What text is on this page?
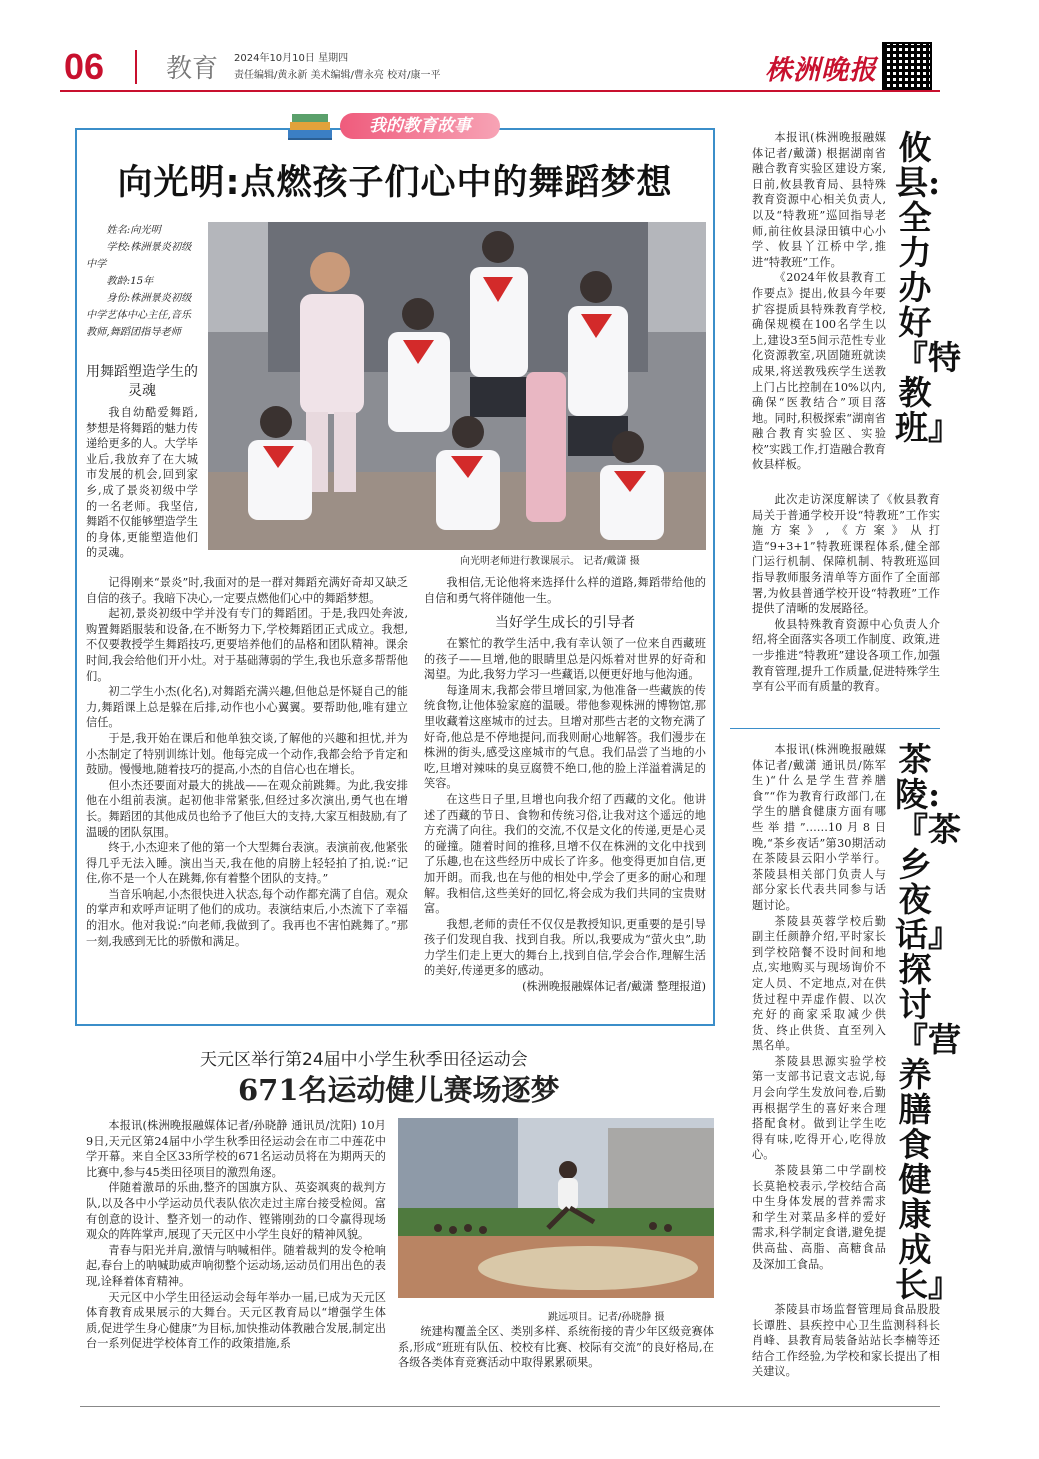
06 教育 2024年10月10日 星期四
责任编辑/黄永新 美术编辑/曹永亮 校对/康一平	株洲晚报
我的教育故事
向光明:点燃孩子们心中的舞蹈梦想

姓名:向光明

学校:株洲景炎初级中学

教龄:15年

身份:株洲景炎初级中学艺体中心主任,音乐教师,舞蹈团指导老师

用舞蹈塑造学生的灵魂
我自幼酷爱舞蹈,梦想是将舞蹈的魅力传递给更多的人。大学毕业后,我放弃了在大城市发展的机会,回到家乡,成了景炎初级中学的一名老师。我坚信,舞蹈不仅能够塑造学生的身体,更能塑造他们的灵魂。
向光明老师进行教课展示。 记者/戴潇 摄

记得刚来“景炎”时,我面对的是一群对舞蹈充满好奇却又缺乏自信的孩子。我暗下决心,一定要点燃他们心中的舞蹈梦想。

起初,景炎初级中学并没有专门的舞蹈团。于是,我四处奔波,购置舞蹈服装和设备,在不断努力下,学校舞蹈团正式成立。我想,不仅要教授学生舞蹈技巧,更要培养他们的品格和团队精神。课余时间,我会给他们开小灶。对于基础薄弱的学生,我也乐意多帮帮他们。

初二学生小杰(化名),对舞蹈充满兴趣,但他总是怀疑自己的能力,舞蹈课上总是躲在后排,动作也小心翼翼。要帮助他,唯有建立信任。

于是,我开始在课后和他单独交谈,了解他的兴趣和担忧,并为小杰制定了特别训练计划。他每完成一个动作,我都会给予肯定和鼓励。慢慢地,随着技巧的提高,小杰的自信心也在增长。

但小杰还要面对最大的挑战——在观众前跳舞。为此,我安排他在小组前表演。起初他非常紧张,但经过多次演出,勇气也在增长。舞蹈团的其他成员也给予了他巨大的支持,大家互相鼓励,有了温暖的团队氛围。

终于,小杰迎来了他的第一个大型舞台表演。表演前夜,他紧张得几乎无法入睡。演出当天,我在他的肩膀上轻轻拍了拍,说:“记住,你不是一个人在跳舞,你有着整个团队的支持。”

当音乐响起,小杰很快进入状态,每个动作都充满了自信。观众的掌声和欢呼声证明了他们的成功。表演结束后,小杰流下了幸福的泪水。他对我说:“向老师,我做到了。我再也不害怕跳舞了。”那一刻,我感到无比的骄傲和满足。

我相信,无论他将来选择什么样的道路,舞蹈带给他的自信和勇气将伴随他一生。
当好学生成长的引导者

在繁忙的教学生活中,我有幸认领了一位来自西藏班的孩子——旦增,他的眼睛里总是闪烁着对世界的好奇和渴望。为此,我努力学习一些藏语,以便更好地与他沟通。

每逢周末,我都会带旦增回家,为他准备一些藏族的传统食物,让他体验家庭的温暖。带他参观株洲的博物馆,那里收藏着这座城市的过去。旦增对那些古老的文物充满了好奇,他总是不停地提问,而我则耐心地解答。我们漫步在株洲的街头,感受这座城市的气息。我们品尝了当地的小吃,旦增对辣味的臭豆腐赞不绝口,他的脸上洋溢着满足的笑容。

在这些日子里,旦增也向我介绍了西藏的文化。他讲述了西藏的节日、食物和传统习俗,让我对这个遥远的地方充满了向往。我们的交流,不仅是文化的传递,更是心灵的碰撞。随着时间的推移,旦增不仅在株洲的文化中找到了乐趣,也在这些经历中成长了许多。他变得更加自信,更加开朗。而我,也在与他的相处中,学会了更多的耐心和理解。我相信,这些美好的回忆,将会成为我们共同的宝贵财富。

我想,老师的责任不仅仅是教授知识,更重要的是引导孩子们发现自我、找到自我。所以,我要成为“萤火虫”,助力学生们走上更大的舞台上,找到自信,学会合作,理解生活的美好,传递更多的感动。

(株洲晚报融媒体记者/戴潇 整理报道)

本报讯(株洲晚报融媒体记者/戴潇) 根据湖南省融合教育实验区建设方案,日前,攸县教育局、县特殊教育资源中心相关负责人,以及“特教班”巡回指导老师,前往攸县渌田镇中心小学、攸县丫江桥中学,推进“特教班”工作。

《2024年攸县教育工作要点》提出,攸县今年要扩容提质县特殊教育学校,确保规模在100名学生以上,建设3至5间示范性专业化资源教室,巩固随班就读成果,将送教残疾学生送教上门占比控制在10%以内,确保“医教结合”项目落地。同时,积极探索“湖南省融合教育实验区、实验校”实践工作,打造融合教育攸县样板。

此次走访深度解读了《攸县教育局关于普通学校开设“特教班”工作实施方案》,《方案》从打造“9+3+1”特教班课程体系,健全部门运行机制、保障机制、特教班巡回指导教师服务清单等方面作了全面部署,为攸县普通学校开设“特教班”工作提供了清晰的发展路径。

攸县特殊教育资源中心负责人介绍,将全面落实各项工作制度、政策,进一步推进“特教班”建设各项工作,加强教育管理,提升工作质量,促进特殊学生享有公平而有质量的教育。

攸县:全力办好『特教班』

本报讯(株洲晚报融媒体记者/戴潇 通讯员/陈军生)“什么是学生营养膳食”“作为教育行政部门,在学生的膳食健康方面有哪些举措”……10月8日晚,“茶乡夜话”第30期活动在茶陵县云阳小学举行。茶陵县相关部门负责人与部分家长代表共同参与话题讨论。

茶陵县英蓉学校后勤副主任颜静介绍,平时家长到学校陪餐不设时间和地点,实地购买与现场询价不定人员、不定地点,对在供货过程中弄虚作假、以次充好的商家采取减少供货、终止供货、直至列入黑名单。

茶陵县思源实验学校第一支部书记袁文志说,每月会向学生发放问卷,后勤再根据学生的喜好来合理搭配食材。做到让学生吃得有味,吃得开心,吃得放心。

茶陵县第二中学副校长莫艳校表示,学校结合高中生身体发展的营养需求和学生对菜品多样的爱好需求,科学制定食谱,避免提供高盐、高脂、高糖食品及深加工食品。

茶陵县市场监督管理局食品股股长谭胜、县疾控中心卫生监测科科长肖峰、县教育局装备站站长李楠等还结合工作经验,为学校和家长提出了相关建议。

茶陵:『茶乡夜话』探讨『营养膳食 健康成长』
天元区举行第24届中小学生秋季田径运动会
671名运动健儿赛场逐梦

本报讯(株洲晚报融媒体记者/孙晓静 通讯员/沈阳) 10月9日,天元区第24届中小学生秋季田径运动会在市二中莲花中学开幕。来自全区33所学校的671名运动员将在为期两天的比赛中,参与45类田径项目的激烈角逐。

伴随着激昂的乐曲,整齐的国旗方队、英姿飒爽的裁判方队,以及各中小学运动员代表队依次走过主席台接受检阅。富有创意的设计、整齐划一的动作、铿锵刚劲的口令赢得现场观众的阵阵掌声,展现了天元区中小学生良好的精神风貌。

青春与阳光并肩,激情与呐喊相伴。随着裁判的发令枪响起,春台上的呐喊助威声响彻整个运动场,运动员们用出色的表现,诠释着体育精神。

天元区中小学生田径运动会每年举办一届,已成为天元区体育教育成果展示的大舞台。天元区教育局以“增强学生体质,促进学生身心健康”为目标,加快推动体教融合发展,制定出台一系列促进学校体育工作的政策措施,系

跳远项目。记者/孙晓静 摄
统建构覆盖全区、类别多样、系统衔接的青少年区级竞赛体系,形成“班班有队伍、校校有比赛、校际有交流”的良好格局,在各级各类体育竞赛活动中取得累累硕果。
